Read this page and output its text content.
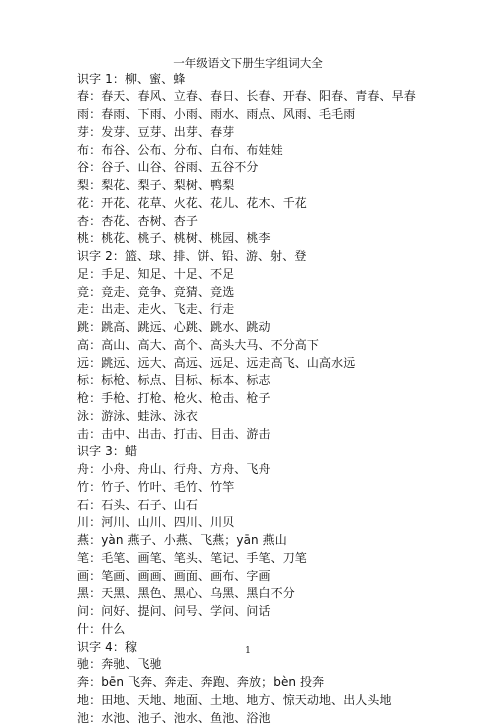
一年级语文下册生字组词大全
识字 1：柳、蜜、蜂
春：春天、春风、立春、春日、长春、开春、阳春、青春、早春
雨：春雨、下雨、小雨、雨水、雨点、风雨、毛毛雨
芽：发芽、豆芽、出芽、春芽
布：布谷、公布、分布、白布、布娃娃
谷：谷子、山谷、谷雨、五谷不分
梨：梨花、梨子、梨树、鸭梨
花：开花、花草、火花、花儿、花木、千花
杏：杏花、杏树、杏子
桃：桃花、桃子、桃树、桃园、桃李
识字 2：篮、球、排、饼、铅、游、射、登
足：手足、知足、十足、不足
竞：竞走、竞争、竞猜、竞选
走：出走、走火、飞走、行走
跳：跳高、跳远、心跳、跳水、跳动
高：高山、高大、高个、高头大马、不分高下
远：跳远、远大、高远、远足、远走高飞、山高水远
标：标枪、标点、目标、标本、标志
枪：手枪、打枪、枪火、枪击、枪子
泳：游泳、蛙泳、泳衣
击：击中、出击、打击、目击、游击
识字 3：蜡
舟：小舟、舟山、行舟、方舟、飞舟
竹：竹子、竹叶、毛竹、竹竿
石：石头、石子、山石
川：河川、山川、四川、川贝
燕：yàn 燕子、小燕、飞燕；yān 燕山
笔：毛笔、画笔、笔头、笔记、手笔、刀笔
画：笔画、画画、画面、画布、字画
黑：天黑、黑色、黑心、乌黑、黑白不分
问：问好、提问、问号、学问、问话
什：什么
识字 4：稼
驰：奔驰、飞驰
奔：bēn 飞奔、奔走、奔跑、奔放；bèn 投奔
地：田地、天地、地面、土地、地方、惊天动地、出人头地
池：水池、池子、池水、鱼池、浴池
1
